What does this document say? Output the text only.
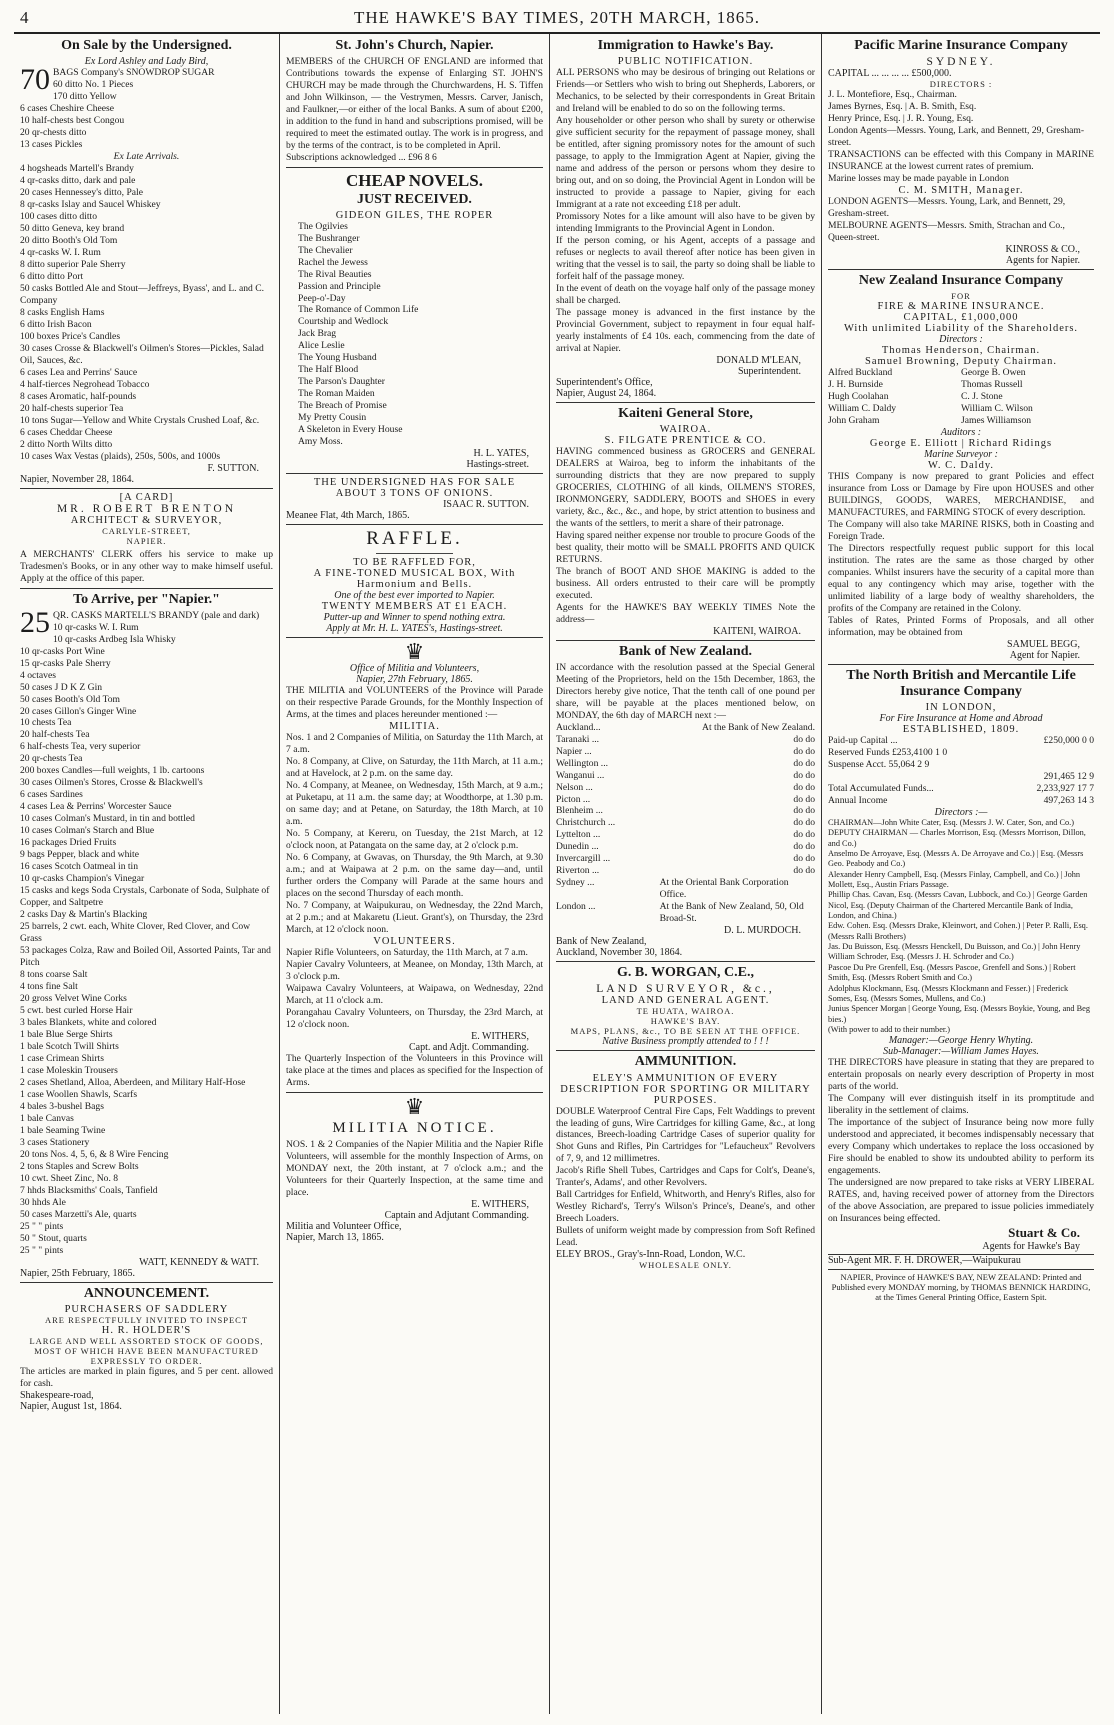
4	THE HAWKE'S BAY TIMES, 20TH MARCH, 1865.

On Sale by the Undersigned.

Ex Lord Ashley and Lady Bird,

70 BAGS Company's SNOWDROP SUGAR

60 ditto No. 1 Pieces

170 ditto Yellow

6 cases Cheshire Cheese

10 half-chests best Congou

20 qr-chests ditto

13 cases Pickles

Ex Late Arrivals.

4 hogsheads Martell's Brandy

4 qr-casks ditto, dark and pale

20 cases Hennessey's ditto, Pale

8 qr-casks Islay and Saucel Whiskey

100 cases ditto ditto

50 ditto Geneva, key brand

20 ditto Booth's Old Tom

4 qr-casks W. I. Rum

8 ditto superior Pale Sherry

6 ditto ditto Port

50 casks Bottled Ale and Stout—Jeffreys, Byass', and L. and C. Company

8 casks English Hams

6 ditto Irish Bacon

100 boxes Price's Candles

30 cases Crosse & Blackwell's Oilmen's Stores—Pickles, Salad Oil, Sauces, &c.

6 cases Lea and Perrins' Sauce

4 half-tierces Negrohead Tobacco

8 cases Aromatic, half-pounds

20 half-chests superior Tea

10 tons Sugar—Yellow and White Crystals Crushed Loaf, &c.

6 cases Cheddar Cheese

2 ditto North Wilts ditto

10 cases Wax Vestas (plaids), 250s, 500s, and 1000s

F. SUTTON.

Napier, November 28, 1864.

[A CARD]

MR. ROBERT BRENTON

ARCHITECT & SURVEYOR,

CARLYLE-STREET,

NAPIER.

A MERCHANTS' CLERK offers his service to make up Tradesmen's Books, or in any other way to make himself useful. Apply at the office of this paper.

To Arrive, per "Napier."

25 QR. CASKS MARTELL'S BRANDY (pale and dark)

10 qr-casks W. I. Rum

10 qr-casks Ardbeg Isla Whisky

10 qr-casks Port Wine

15 qr-casks Pale Sherry

4 octaves

50 cases J D K Z Gin

50 cases Booth's Old Tom

20 cases Gillon's Ginger Wine

10 chests Tea

20 half-chests Tea

6 half-chests Tea, very superior

20 qr-chests Tea

200 boxes Candles—full weights, 1 lb. cartoons

30 cases Oilmen's Stores, Crosse & Blackwell's

6 cases Sardines

4 cases Lea & Perrins' Worcester Sauce

10 cases Colman's Mustard, in tin and bottled

10 cases Colman's Starch and Blue

16 packages Dried Fruits

9 bags Pepper, black and white

16 cases Scotch Oatmeal in tin

10 qr-casks Champion's Vinegar

15 casks and kegs Soda Crystals, Carbonate of Soda, Sulphate of Copper, and Saltpetre

2 casks Day & Martin's Blacking

25 barrels, 2 cwt. each, White Clover, Red Clover, and Cow Grass

53 packages Colza, Raw and Boiled Oil, Assorted Paints, Tar and Pitch

8 tons coarse Salt

4 tons fine Salt

20 gross Velvet Wine Corks

5 cwt. best curled Horse Hair

3 bales Blankets, white and colored

1 bale Blue Serge Shirts

1 bale Scotch Twill Shirts

1 case Crimean Shirts

1 case Moleskin Trousers

2 cases Shetland, Alloa, Aberdeen, and Military Half-Hose

1 case Woollen Shawls, Scarfs

4 bales 3-bushel Bags

1 bale Canvas

1 bale Seaming Twine

3 cases Stationery

20 tons Nos. 4, 5, 6, & 8 Wire Fencing

2 tons Staples and Screw Bolts

10 cwt. Sheet Zinc, No. 8

7 hhds Blacksmiths' Coals, Tanfield

30 hhds Ale

50 cases Marzetti's Ale, quarts

25 " " pints

50 " Stout, quarts

25 " " pints

WATT, KENNEDY & WATT.

Napier, 25th February, 1865.

ANNOUNCEMENT.

PURCHASERS OF SADDLERY

ARE RESPECTFULLY INVITED TO INSPECT

H. R. HOLDER'S

LARGE AND WELL ASSORTED STOCK OF GOODS, MOST OF WHICH HAVE BEEN MANUFACTURED EXPRESSLY TO ORDER.

The articles are marked in plain figures, and 5 per cent. allowed for cash.

Shakespeare-road,

Napier, August 1st, 1864.

St. John's Church, Napier.

MEMBERS of the CHURCH OF ENGLAND are informed that Contributions towards the expense of Enlarging ST. JOHN'S CHURCH may be made through the Churchwardens, H. S. Tiffen and John Wilkinson, — the Vestrymen, Messrs. Carver, Janisch, and Faulkner,—or either of the local Banks. A sum of about £200, in addition to the fund in hand and subscriptions promised, will be required to meet the estimated outlay. The work is in progress, and by the terms of the contract, is to be completed in April.

Subscriptions acknowledged ... £96 8 6

CHEAP NOVELS.

JUST RECEIVED.

GIDEON GILES, THE ROPER

The Ogilvies

The Bushranger

The Chevalier

Rachel the Jewess

The Rival Beauties

Passion and Principle

Peep-o'-Day

The Romance of Common Life

Courtship and Wedlock

Jack Brag

Alice Leslie

The Young Husband

The Half Blood

The Parson's Daughter

The Roman Maiden

The Breach of Promise

My Pretty Cousin

A Skeleton in Every House

Amy Moss.

H. L. YATES,

Hastings-street.

THE UNDERSIGNED HAS FOR SALE

ABOUT 3 TONS OF ONIONS.

ISAAC R. SUTTON.

Meanee Flat, 4th March, 1865.

RAFFLE.

TO BE RAFFLED FOR,

A FINE-TONED MUSICAL BOX, With Harmonium and Bells.

One of the best ever imported to Napier.

TWENTY MEMBERS AT £1 EACH.

Putter-up and Winner to spend nothing extra.

Apply at Mr. H. L. YATES's, Hastings-street.

♛

Office of Militia and Volunteers,

Napier, 27th February, 1865.

THE MILITIA and VOLUNTEERS of the Province will Parade on their respective Parade Grounds, for the Monthly Inspection of Arms, at the times and places hereunder mentioned :—

MILITIA.

Nos. 1 and 2 Companies of Militia, on Saturday the 11th March, at 7 a.m.

No. 8 Company, at Clive, on Saturday, the 11th March, at 11 a.m.; and at Havelock, at 2 p.m. on the same day.

No. 4 Company, at Meanee, on Wednesday, 15th March, at 9 a.m.; at Puketapu, at 11 a.m. the same day; at Woodthorpe, at 1.30 p.m. on same day; and at Petane, on Saturday, the 18th March, at 10 a.m.

No. 5 Company, at Kereru, on Tuesday, the 21st March, at 12 o'clock noon, at Patangata on the same day, at 2 o'clock p.m.

No. 6 Company, at Gwavas, on Thursday, the 9th March, at 9.30 a.m.; and at Waipawa at 2 p.m. on the same day—and, until further orders the Company will Parade at the same hours and places on the second Thursday of each month.

No. 7 Company, at Waipukurau, on Wednesday, the 22nd March, at 2 p.m.; and at Makaretu (Lieut. Grant's), on Thursday, the 23rd March, at 12 o'clock noon.

VOLUNTEERS.

Napier Rifle Volunteers, on Saturday, the 11th March, at 7 a.m.

Napier Cavalry Volunteers, at Meanee, on Monday, 13th March, at 3 o'clock p.m.

Waipawa Cavalry Volunteers, at Waipawa, on Wednesday, 22nd March, at 11 o'clock a.m.

Porangahau Cavalry Volunteers, on Thursday, the 23rd March, at 12 o'clock noon.

E. WITHERS,

Capt. and Adjt. Commanding.

The Quarterly Inspection of the Volunteers in this Province will take place at the times and places as specified for the Inspection of Arms.

♛

MILITIA NOTICE.

NOS. 1 & 2 Companies of the Napier Militia and the Napier Rifle Volunteers, will assemble for the monthly Inspection of Arms, on MONDAY next, the 20th instant, at 7 o'clock a.m.; and the Volunteers for their Quarterly Inspection, at the same time and place.

E. WITHERS,

Captain and Adjutant Commanding.

Militia and Volunteer Office,

Napier, March 13, 1865.

Immigration to Hawke's Bay.

PUBLIC NOTIFICATION.

ALL PERSONS who may be desirous of bringing out Relations or Friends—or Settlers who wish to bring out Shepherds, Laborers, or Mechanics, to be selected by their correspondents in Great Britain and Ireland will be enabled to do so on the following terms.

Any householder or other person who shall by surety or otherwise give sufficient security for the repayment of passage money, shall be entitled, after signing promissory notes for the amount of such passage, to apply to the Immigration Agent at Napier, giving the name and address of the person or persons whom they desire to bring out, and on so doing, the Provincial Agent in London will be instructed to provide a passage to Napier, giving for each Immigrant at a rate not exceeding £18 per adult.

Promissory Notes for a like amount will also have to be given by intending Immigrants to the Provincial Agent in London.

If the person coming, or his Agent, accepts of a passage and refuses or neglects to avail thereof after notice has been given in writing that the vessel is to sail, the party so doing shall be liable to forfeit half of the passage money.

In the event of death on the voyage half only of the passage money shall be charged.

The passage money is advanced in the first instance by the Provincial Government, subject to repayment in four equal half-yearly instalments of £4 10s. each, commencing from the date of arrival at Napier.

DONALD M'LEAN,

Superintendent.

Superintendent's Office,

Napier, August 24, 1864.

Kaiteni General Store,

WAIROA.

S. FILGATE PRENTICE & CO.

HAVING commenced business as GROCERS and GENERAL DEALERS at Wairoa, beg to inform the inhabitants of the surrounding districts that they are now prepared to supply GROCERIES, CLOTHING of all kinds, OILMEN'S STORES, IRONMONGERY, SADDLERY, BOOTS and SHOES in every variety, &c., &c., &c., and hope, by strict attention to business and the wants of the settlers, to merit a share of their patronage.

Having spared neither expense nor trouble to procure Goods of the best quality, their motto will be SMALL PROFITS AND QUICK RETURNS.

The branch of BOOT AND SHOE MAKING is added to the business. All orders entrusted to their care will be promptly executed.

Agents for the HAWKE'S BAY WEEKLY TIMES Note the address—

KAITENI, WAIROA.

Bank of New Zealand.

IN accordance with the resolution passed at the Special General Meeting of the Proprietors, held on the 15th December, 1863, the Directors hereby give notice, That the tenth call of one pound per share, will be payable at the places mentioned below, on MONDAY, the 6th day of MARCH next :—

Auckland...	At the Bank of New Zealand.
Taranaki ...	do do
Napier ...	do do
Wellington ...	do do
Wanganui ...	do do
Nelson ...	do do
Picton ...	do do
Blenheim ...	do do
Christchurch ...	do do
Lyttelton ...	do do
Dunedin ...	do do
Invercargill ...	do do
Riverton ...	do do
Sydney ...	At the Oriental Bank Corporation Office.
London ...	At the Bank of New Zealand, 50, Old Broad-St.

D. L. MURDOCH.

Bank of New Zealand,

Auckland, November 30, 1864.

G. B. WORGAN, C.E.,

LAND SURVEYOR, &c.,

LAND AND GENERAL AGENT.

TE HUATA, WAIROA.

HAWKE'S BAY.

MAPS, PLANS, &c., TO BE SEEN AT THE OFFICE.

Native Business promptly attended to ! ! !

AMMUNITION.

ELEY'S AMMUNITION OF EVERY DESCRIPTION FOR SPORTING OR MILITARY PURPOSES.

DOUBLE Waterproof Central Fire Caps, Felt Waddings to prevent the leading of guns, Wire Cartridges for killing Game, &c., at long distances, Breech-loading Cartridge Cases of superior quality for Shot Guns and Rifles, Pin Cartridges for "Lefaucheux" Revolvers of 7, 9, and 12 millimetres.

Jacob's Rifle Shell Tubes, Cartridges and Caps for Colt's, Deane's, Tranter's, Adams', and other Revolvers.

Ball Cartridges for Enfield, Whitworth, and Henry's Rifles, also for Westley Richard's, Terry's Wilson's Prince's, Deane's, and other Breech Loaders.

Bullets of uniform weight made by compression from Soft Refined Lead.

ELEY BROS., Gray's-Inn-Road, London, W.C.

WHOLESALE ONLY.

Pacific Marine Insurance Company

SYDNEY.

CAPITAL ... ... ... ... £500,000.

DIRECTORS :

J. L. Montefiore, Esq., Chairman.

James Byrnes, Esq. | A. B. Smith, Esq.

Henry Prince, Esq. | J. R. Young, Esq.

London Agents—Messrs. Young, Lark, and Bennett, 29, Gresham-street.

TRANSACTIONS can be effected with this Company in MARINE INSURANCE at the lowest current rates of premium.

Marine losses may be made payable in London

C. M. SMITH, Manager.

LONDON AGENTS—Messrs. Young, Lark, and Bennett, 29, Gresham-street.

MELBOURNE AGENTS—Messrs. Smith, Strachan and Co., Queen-street.

KINROSS & CO.,

Agents for Napier.

New Zealand Insurance Company

FOR

FIRE & MARINE INSURANCE.

CAPITAL, £1,000,000

With unlimited Liability of the Shareholders.

Directors :

Thomas Henderson, Chairman.

Samuel Browning, Deputy Chairman.

Alfred Buckland	George B. Owen
J. H. Burnside	Thomas Russell
Hugh Coolahan	C. J. Stone
William C. Daldy	William C. Wilson
John Graham	James Williamson

Auditors :

George E. Elliott | Richard Ridings

Marine Surveyor :

W. C. Daldy.

THIS Company is now prepared to grant Policies and effect insurance from Loss or Damage by Fire upon HOUSES and other BUILDINGS, GOODS, WARES, MERCHANDISE, and MANUFACTURES, and FARMING STOCK of every description.

The Company will also take MARINE RISKS, both in Coasting and Foreign Trade.

The Directors respectfully request public support for this local institution. The rates are the same as those charged by other companies. Whilst insurers have the security of a capital more than equal to any contingency which may arise, together with the unlimited liability of a large body of wealthy shareholders, the profits of the Company are retained in the Colony.

Tables of Rates, Printed Forms of Proposals, and all other information, may be obtained from

SAMUEL BEGG,

Agent for Napier.

The North British and Mercantile Life Insurance Company

IN LONDON,

For Fire Insurance at Home and Abroad

ESTABLISHED, 1809.

Paid-up Capital ...	£250,000 0 0
Reserved Funds £253,4100 1 0
Suspense Acct. 55,064 2 9
291,465 12 9
Total Accumulated Funds...	2,233,927 17 7
Annual Income	497,263 14 3

Directors :—

CHAIRMAN—John White Cater, Esq. (Messrs J. W. Cater, Son, and Co.)

DEPUTY CHAIRMAN — Charles Morrison, Esq. (Messrs Morrison, Dillon, and Co.)

Anselmo De Arroyave, Esq. (Messrs A. De Arroyave and Co.) | Esq. (Messrs Geo. Peabody and Co.)

Alexander Henry Campbell, Esq. (Messrs Finlay, Campbell, and Co.) | John Mollett, Esq., Austin Friars Passage.

Phillip Chas. Cavan, Esq. (Messrs Cavan, Lubbock, and Co.) | George Garden Nicol, Esq. (Deputy Chairman of the Chartered Mercantile Bank of India, London, and China.)

Edw. Cohen. Esq. (Messrs Drake, Kleinwort, and Cohen.) | Peter P. Ralli, Esq. (Messrs Ralli Brothers)

Jas. Du Buisson, Esq. (Messrs Henckell, Du Buisson, and Co.) | John Henry William Schroder, Esq. (Messrs J. H. Schroder and Co.)

Pascoe Du Pre Grenfell, Esq. (Messrs Pascoe, Grenfell and Sons.) | Robert Smith, Esq. (Messrs Robert Smith and Co.)

Adolphus Klockmann, Esq. (Messrs Klockmann and Fesser.) | Frederick Somes, Esq. (Messrs Somes, Mullens, and Co.)

Junius Spencer Morgan | George Young, Esq. (Messrs Boykie, Young, and Beg bies.)

(With power to add to their number.)

Manager:—George Henry Whyting.

Sub-Manager:—William James Hayes.

THE DIRECTORS have pleasure in stating that they are prepared to entertain proposals on nearly every description of Property in most parts of the world.

The Company will ever distinguish itself in its promptitude and liberality in the settlement of claims.

The importance of the subject of Insurance being now more fully understood and appreciated, it becomes indispensably necessary that every Company which undertakes to replace the loss occasioned by Fire should be enabled to show its undoubted ability to perform its engagements.

The undersigned are now prepared to take risks at VERY LIBERAL RATES, and, having received power of attorney from the Directors of the above Association, are prepared to issue policies immediately on Insurances being effected.

Stuart & Co.

Agents for Hawke's Bay

Sub-Agent MR. F. H. DROWER,—Waipukurau

NAPIER, Province of HAWKE'S BAY, NEW ZEALAND: Printed and Published every MONDAY morning, by THOMAS BENNICK HARDING, at the Times General Printing Office, Eastern Spit.
